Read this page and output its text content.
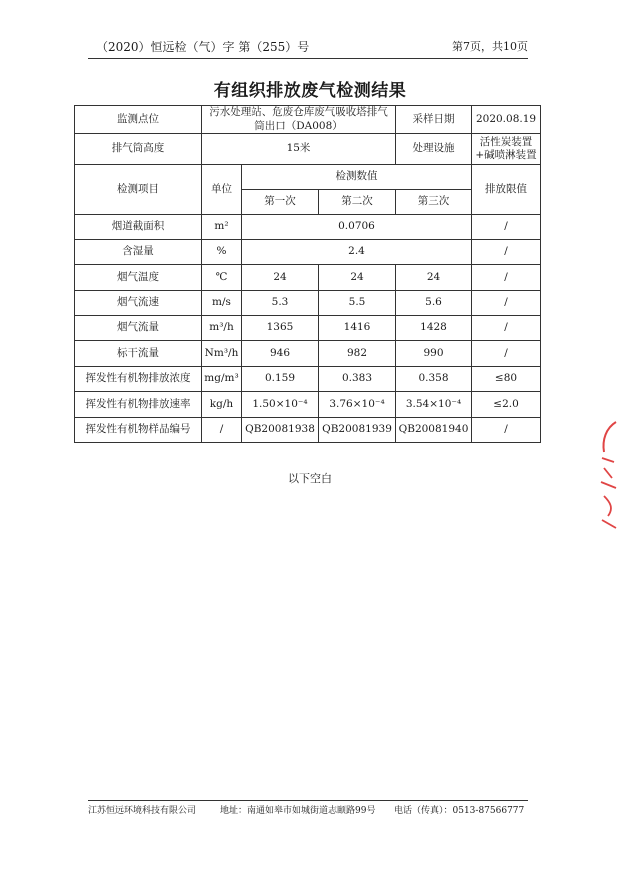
（2020）恒远检（气）字 第（255）号	第7页，共10页
有组织排放废气检测结果
监测点位	污水处理站、危废仓库废气吸收塔排气筒出口（DA008）			采样日期	2020.08.19
排气筒高度	15米			处理设施	活性炭装置+碱喷淋装置
检测项目	单位	检测数值			排放限值
		第一次	第二次	第三次	
烟道截面积	m²	0.0706			/
含湿量	%	2.4			/
烟气温度	℃	24	24	24	/
烟气流速	m/s	5.3	5.5	5.6	/
烟气流量	m³/h	1365	1416	1428	/
标干流量	Nm³/h	946	982	990	/
挥发性有机物排放浓度	mg/m³	0.159	0.383	0.358	≤80
挥发性有机物排放速率	kg/h	1.50×10⁻⁴	3.76×10⁻⁴	3.54×10⁻⁴	≤2.0
挥发性有机物样品编号	/	QB20081938	QB20081939	QB20081940	/
以下空白
江苏恒远环境科技有限公司	地址：南通如皋市如城街道志颐路99号 电话（传真）：0513-87566777
